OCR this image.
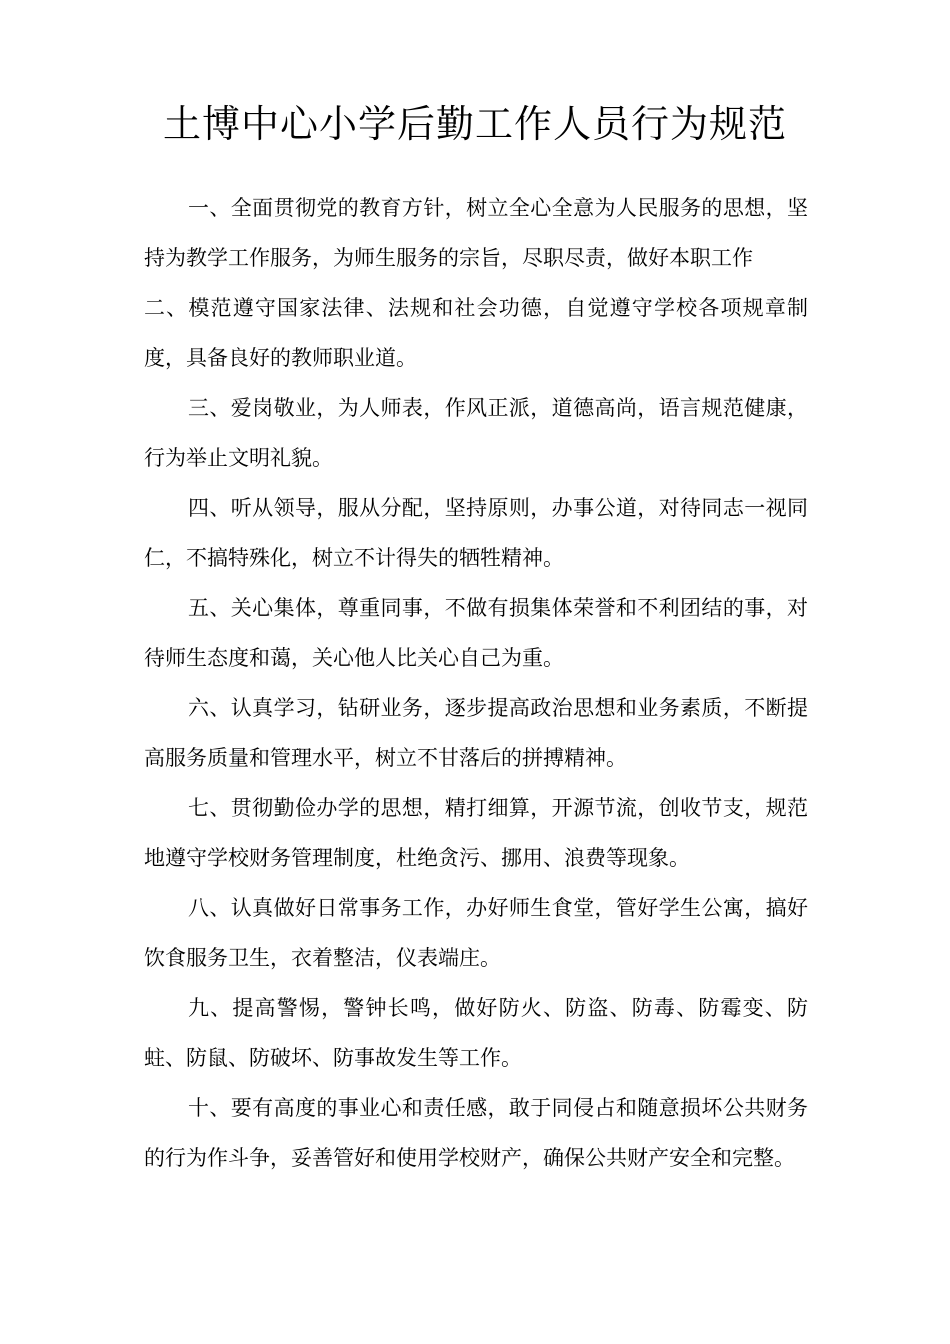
土博中心小学后勤工作人员行为规范

一、全面贯彻党的教育方针，树立全心全意为人民服务的思想，坚持为教学工作服务，为师生服务的宗旨，尽职尽责，做好本职工作

二、模范遵守国家法律、法规和社会功德，自觉遵守学校各项规章制度，具备良好的教师职业道。

三、爱岗敬业，为人师表，作风正派，道德高尚，语言规范健康，行为举止文明礼貌。

四、听从领导，服从分配，坚持原则，办事公道，对待同志一视同仁，不搞特殊化，树立不计得失的牺牲精神。

五、关心集体，尊重同事，不做有损集体荣誉和不利团结的事，对待师生态度和蔼，关心他人比关心自己为重。

六、认真学习，钻研业务，逐步提高政治思想和业务素质，不断提高服务质量和管理水平，树立不甘落后的拼搏精神。

七、贯彻勤俭办学的思想，精打细算，开源节流，创收节支，规范地遵守学校财务管理制度，杜绝贪污、挪用、浪费等现象。

八、认真做好日常事务工作，办好师生食堂，管好学生公寓，搞好饮食服务卫生，衣着整洁，仪表端庄。

九、提高警惕，警钟长鸣，做好防火、防盗、防毒、防霉变、防蛀、防鼠、防破坏、防事故发生等工作。

十、要有高度的事业心和责任感，敢于同侵占和随意损坏公共财务的行为作斗争，妥善管好和使用学校财产，确保公共财产安全和完整。
